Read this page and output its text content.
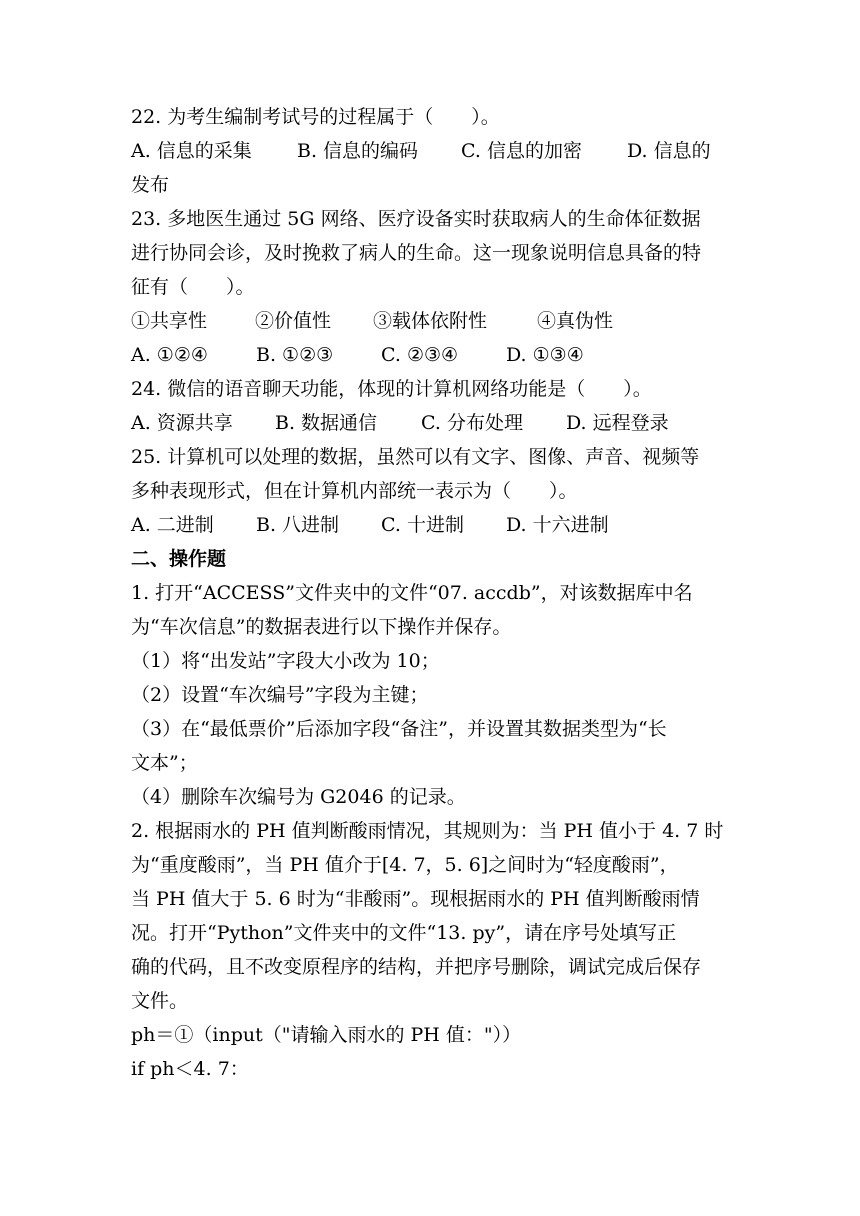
22. 为考生编制考试号的过程属于（　　）。
A. 信息的采集	B. 信息的编码	C. 信息的加密	D. 信息的
发布
23. 多地医生通过 5G 网络、医疗设备实时获取病人的生命体征数据
进行协同会诊，及时挽救了病人的生命。这一现象说明信息具备的特
征有（　　）。
①共享性	②价值性	③载体依附性	④真伪性
A. ①②④	B. ①②③	C. ②③④	D. ①③④
24. 微信的语音聊天功能，体现的计算机网络功能是（　　）。
A. 资源共享	B. 数据通信	C. 分布处理	D. 远程登录
25. 计算机可以处理的数据，虽然可以有文字、图像、声音、视频等
多种表现形式，但在计算机内部统一表示为（　　）。
A. 二进制	B. 八进制	C. 十进制	D. 十六进制
二、操作题
1. 打开“ACCESS”文件夹中的文件“07. accdb”，对该数据库中名
为“车次信息”的数据表进行以下操作并保存。
（1）将“出发站”字段大小改为 10；
（2）设置“车次编号”字段为主键；
（3）在“最低票价”后添加字段“备注”，并设置其数据类型为“长
文本”；
（4）删除车次编号为 G2046 的记录。
2. 根据雨水的 PH 值判断酸雨情况，其规则为：当 PH 值小于 4. 7 时
为“重度酸雨”，当 PH 值介于[4. 7，5. 6]之间时为“轻度酸雨”，
当 PH 值大于 5. 6 时为“非酸雨”。现根据雨水的 PH 值判断酸雨情
况。打开“Python”文件夹中的文件“13. py”，请在序号处填写正
确的代码，且不改变原程序的结构，并把序号删除，调试完成后保存
文件。
ph＝①（input（"请输入雨水的 PH 值："））
if ph＜4. 7：
